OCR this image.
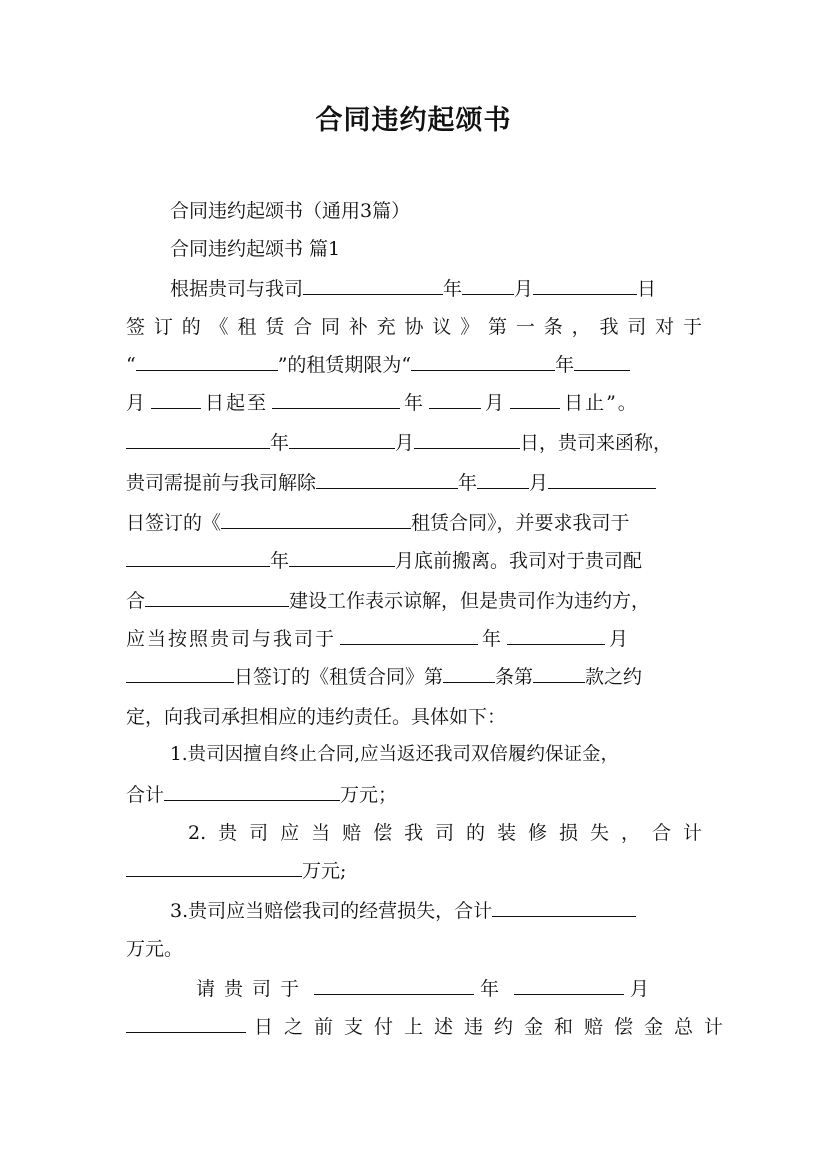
合同违约起颂书
合同违约起颂书（通用3篇）
合同违约起颂书 篇1
根据贵司与我司	年	月	日
签订的《租赁合同补充协议》第一条，我司对于
“	”的租赁期限为“	年
月	日起至	年	月	日止”。
年	月	日，贵司来函称，
贵司需提前与我司解除	年	月
日签订的《	租赁合同》，并要求我司于
年	月底前搬离。我司对于贵司配
合	建设工作表示谅解，但是贵司作为违约方，
应当按照贵司与我司于	年	月
日签订的《租赁合同》第	条第	款之约
定，向我司承担相应的违约责任。具体如下：
1.贵司因擅自终止合同,应当返还我司双倍履约保证金，
合计	万元；
2.贵司应当赔偿我司的装修损失，合计
万元;
3.贵司应当赔偿我司的经营损失，合计
万元。
请贵司于	年	月
日之前支付上述违约金和赔偿金总计
